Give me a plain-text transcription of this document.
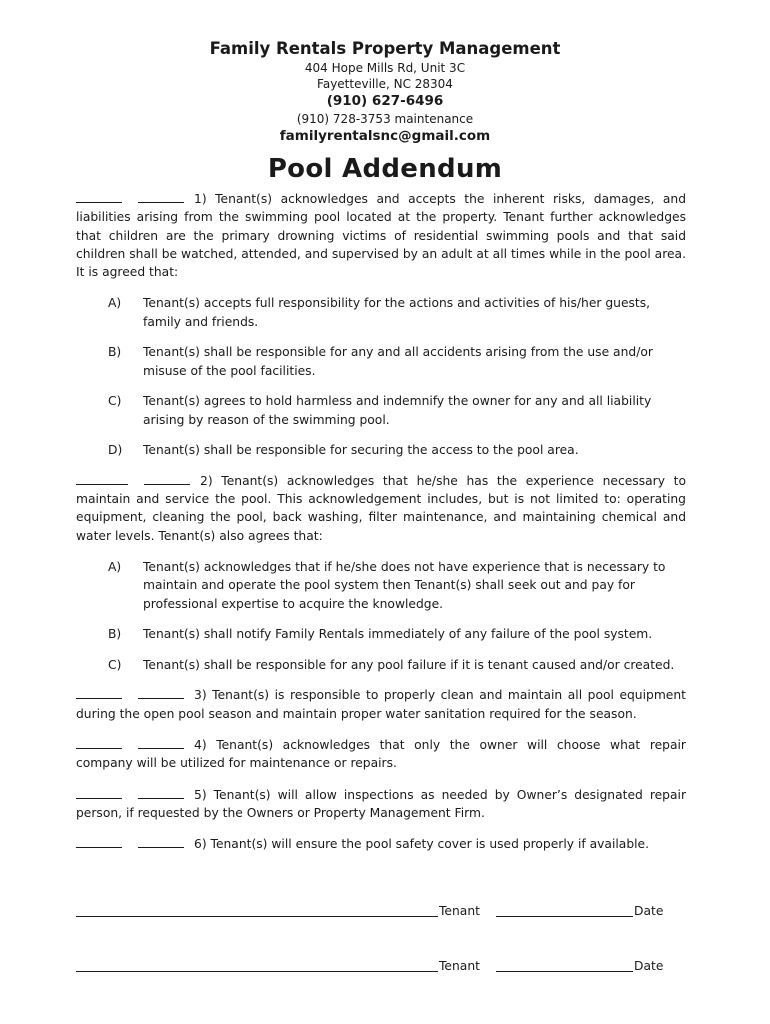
Family Rentals Property Management
404 Hope Mills Rd, Unit 3C
Fayetteville, NC 28304
(910) 627-6496
(910) 728-3753 maintenance
familyrentalsnc@gmail.com
Pool Addendum

1) Tenant(s) acknowledges and accepts the inherent risks, damages, and liabilities arising from the swimming pool located at the property. Tenant further acknowledges that children are the primary drowning victims of residential swimming pools and that said children shall be watched, attended, and supervised by an adult at all times while in the pool area. It is agreed that:

A) Tenant(s) accepts full responsibility for the actions and activities of his/her guests, family and friends.
B) Tenant(s) shall be responsible for any and all accidents arising from the use and/or misuse of the pool facilities.
C) Tenant(s) agrees to hold harmless and indemnify the owner for any and all liability arising by reason of the swimming pool.
D) Tenant(s) shall be responsible for securing the access to the pool area.

2) Tenant(s) acknowledges that he/she has the experience necessary to maintain and service the pool. This acknowledgement includes, but is not limited to: operating equipment, cleaning the pool, back washing, filter maintenance, and maintaining chemical and water levels. Tenant(s) also agrees that:

A) Tenant(s) acknowledges that if he/she does not have experience that is necessary to maintain and operate the pool system then Tenant(s) shall seek out and pay for professional expertise to acquire the knowledge.
B) Tenant(s) shall notify Family Rentals immediately of any failure of the pool system.
C) Tenant(s) shall be responsible for any pool failure if it is tenant caused and/or created.

3) Tenant(s) is responsible to properly clean and maintain all pool equipment during the open pool season and maintain proper water sanitation required for the season.

4) Tenant(s) acknowledges that only the owner will choose what repair company will be utilized for maintenance or repairs.

5) Tenant(s) will allow inspections as needed by Owner’s designated repair person, if requested by the Owners or Property Management Firm.

6) Tenant(s) will ensure the pool safety cover is used properly if available.

Tenant	Date
Tenant	Date
